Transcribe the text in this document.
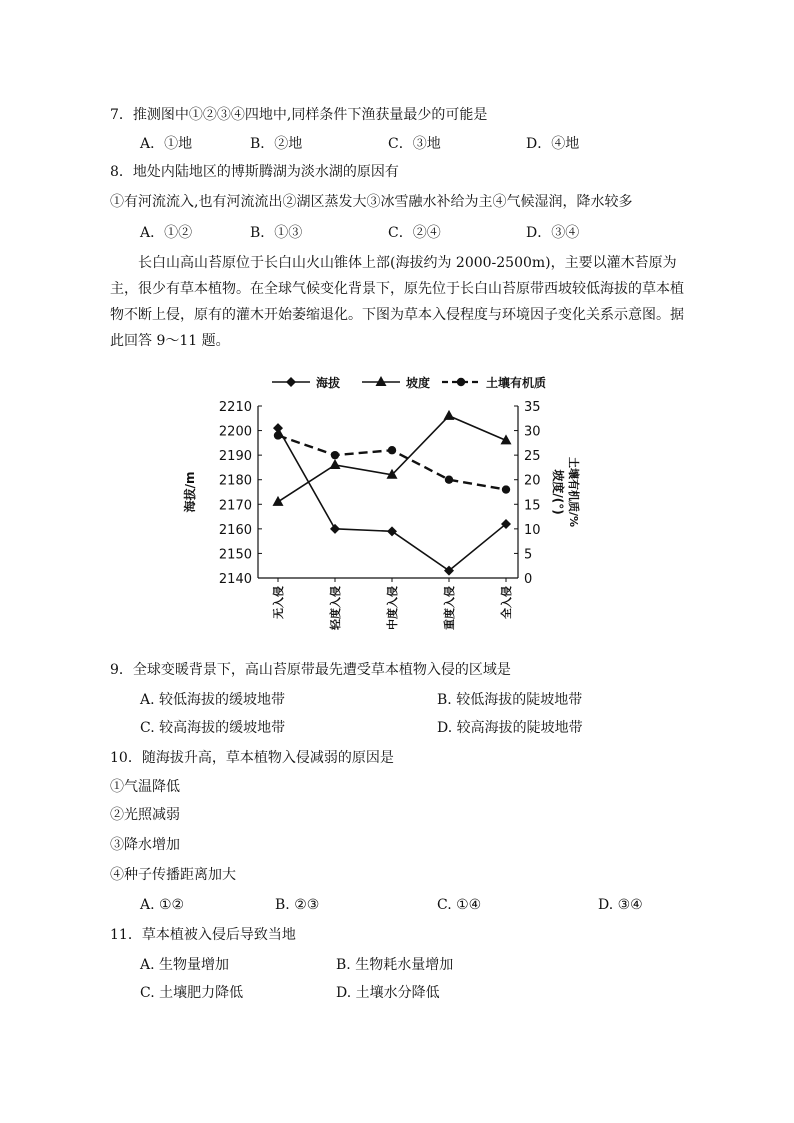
7．推测图中①②③④四地中,同样条件下渔获量最少的可能是
A．①地	B．②地	C．③地	D．④地
8．地处内陆地区的博斯腾湖为淡水湖的原因有
①有河流流入,也有河流流出②湖区蒸发大③冰雪融水补给为主④气候湿润，降水较多
A．①②	B．①③	C．②④	D．③④
长白山高山苔原位于长白山火山锥体上部(海拔约为 2000-2500m)，主要以灌木苔原为主，很少有草本植物。在全球气候变化背景下，原先位于长白山苔原带西坡较低海拔的草本植物不断上侵，原有的灌木开始萎缩退化。下图为草本入侵程度与环境因子变化关系示意图。据此回答 9～11 题。
海拔	坡度	土壤有机质
2140
2150
2160
2170
2180
2190
2200
2210
0
5
10
15
20
25
30
35
无入侵	轻度入侵	中度入侵	重度入侵	全入侵
海拔/m	坡度/(°) 土壤有机质/%
9．全球变暖背景下，高山苔原带最先遭受草本植物入侵的区域是
A. 较低海拔的缓坡地带	B. 较低海拔的陡坡地带
C. 较高海拔的缓坡地带	D. 较高海拔的陡坡地带
10．随海拔升高，草本植物入侵减弱的原因是
①气温降低
②光照减弱
③降水增加
④种子传播距离加大
A. ①②	B. ②③	C. ①④	D. ③④
11．草本植被入侵后导致当地
A. 生物量增加	B. 生物耗水量增加
C. 土壤肥力降低	D. 土壤水分降低
